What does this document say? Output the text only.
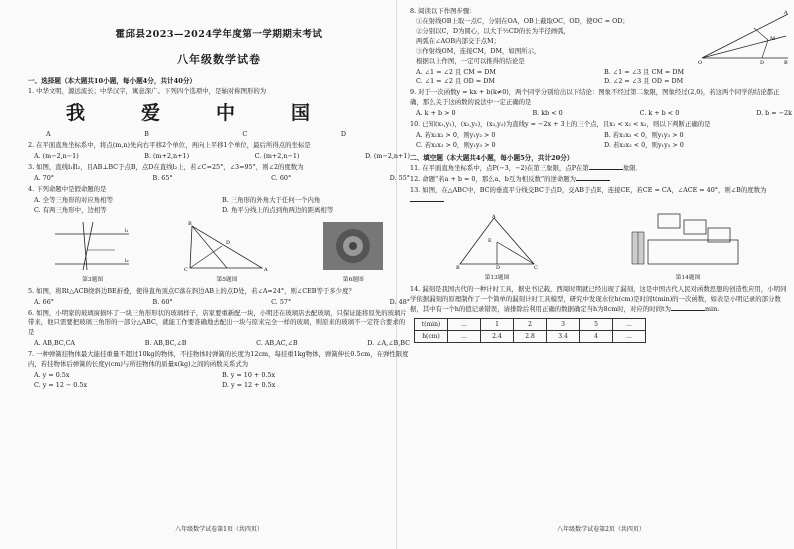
霍邱县2023—2024学年度第一学期期末考试
八年级数学试卷
一、选择题（本大题共10小题，每小题4分，共计40分）
1. 中华文明，源远流长；中华汉字，寓意深广。下列四个选项中，是轴对称图形的为
我	爱	中	国
A	B	C	D
2. 在平面直角坐标系中，将点(m,n)先向右平移2个单位，再向上平移1个单位，最后所得点的坐标是
A. (m−2,n−1)	B. (m+2,n+1)	C. (m+2,n−1)	D. (m−2,n+1)
3. 如图，直线l₁∥l₂，且AB⊥BC于点B，点D在直线l₂上，若∠C=25°，∠3=95°，则∠2的度数为
A. 70°	B. 65°	C. 60°	D. 55°
4. 下列命题中是假命题的是
A. 全等三角形的对应角相等	B. 三角形的外角大于任何一个内角
C. 有两三角形中，边相等	D. 角平分线上的点到角两边的距离相等
l₁
l₂
第3题图
B
C	A
D
第5题图	第6题图
5. 如图，将Rt△ACB绕斜边BE折叠，使得直角顶点C落在斜边AB上的点D处，若∠A=24°，则∠CEB等于多少度？
A. 66°	B. 60°	C. 57°	D. 48°
6. 如图，小明家的玻璃窗损坏了一块三角形形状的玻璃样子，店家要重新配一块，小明还在玻璃店去配玻璃，只保证能将原先的玻璃片带来，他只需要把玻璃三角形的一部分△ABC，就能工作要准确地去配出一块与原来完全一样的玻璃，则原来的玻璃不一定符合要求的是
A. AB,BC,CA	B. AB,BC,∠B	C. AB,AC,∠B	D. ∠A,∠B,BC
7. 一种弹簧挂物体最大能挂重量不超过10kg的物体，不挂物体时弹簧的长度为12cm，每挂重1kg物体，弹簧伸长0.5cm，在弹性限度内，若挂物体后弹簧的长度y(cm)与所挂物体的质量x(kg)之间的函数关系式为
A. y = 0.5x	B. y = 10 + 0.5x
C. y = 12 − 0.5x	D. y = 12 + 0.5x
八年级数学试卷第1页（共四页）
8. 阅读以下作图步骤：
①在射线OB上取一点C，分别在OA，OB上截取OC，OD，使OC = OD；
②分别以C，D为圆心，以大于½CD的长为半径画弧，
两弧在∠AOB内部交于点M；
③作射线OM，连接CM，DM，如图所示，
根据以上作图，一定可以推得的结论是	O
A
B
M
D
A. ∠1 = ∠2 且 CM = DM	B. ∠1 = ∠3 且 CM = DM
C. ∠1 = ∠2 且 OD = DM	D. ∠2 = ∠3 且 OD = DM
9. 对于一次函数y = kx + b(k≠0)，两个同学分别给出以下结论：图象不经过第二象限，图象经过(2,0)，若这两个同学的结论都正确，那么关于这函数的说法中一定正确的是
A. k + b > 0	B. kb < 0	C. k + b < 0	D. b = −2k
10. 已知(x₁,y₁)，(x₂,y₂)，(x₃,y₃)为直线y = −2x + 3上的三个点，且x₁ < x₂ < x₃，则以下判断正确的是
A. 若x₁x₂ > 0，则y₁y₂ > 0	B. 若x₁x₃ < 0，则y₁y₃ > 0
C. 若x₂x₃ > 0，则y₁y₃ > 0	D. 若x₂x₃ < 0，则y₁y₃ > 0
二、填空题（本大题共4小题，每小题5分，共计20分）
11. 在平面直角坐标系中，点P(−3，−2)在第三象限，点P在第	象限．
12. 命题“若a + b = 0，那么a、b互为相反数”的逆命题为
13. 如图，在△ABC中，BC的垂直平分线交BC于点D，交AB于点E，连接CE，若CE = CA，∠ACE = 40°，则∠B的度数为
A
B	C
D
E
第13题图	第14题图
14. 漏刻是我国古代的一种计时工具，据史书记载，西周时期就已经出现了漏刻，这是中国古代人民对函数思想的创造性应用，小明同学依据漏刻的原理制作了一个简单的漏刻计时工具模型，研究中发现水位h(cm)是时间t(min)的一次函数，如表是小明记录的部分数据，其中有一个h的值记录错误，请排除后利用正确的数据确定当h为8cm时，对应的时间t为	min.
t(min)	…	1	2	3	5	…
h(cm)	…	2.4	2.8	3.4	4	…
八年级数学试卷第2页（共四页）
